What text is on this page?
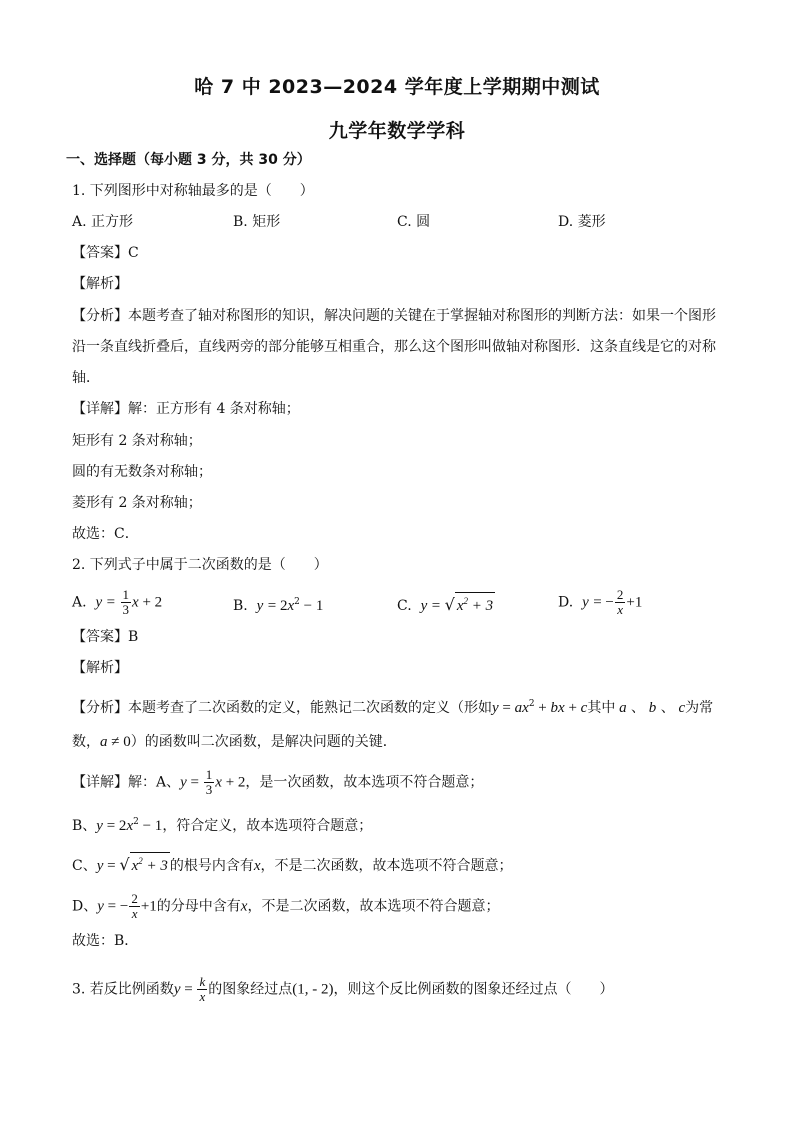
哈 7 中 2023—2024 学年度上学期期中测试
九学年数学学科
一、选择题（每小题 3 分，共 30 分）
1. 下列图形中对称轴最多的是（　　）
A. 正方形	B. 矩形	C. 圆	D. 菱形
【答案】C
【解析】
【分析】本题考查了轴对称图形的知识，解决问题的关键在于掌握轴对称图形的判断方法：如果一个图形
沿一条直线折叠后，直线两旁的部分能够互相重合，那么这个图形叫做轴对称图形．这条直线是它的对称
轴．
【详解】解：正方形有 4 条对称轴；
矩形有 2 条对称轴；
圆的有无数条对称轴；
菱形有 2 条对称轴；
故选：C．
2. 下列式子中属于二次函数的是（　　）
A. $y = \frac{1}{3}$ x + 2	B. $y = 2x^2 - 1$	C. y = √ $x^2 + 3$	D. y = − $\frac{2}{x} +1$
【答案】B
【解析】
【分析】本题考查了二次函数的定义，能熟记二次函数的定义（形如$y = ax^2$ + bx + c其中 a 、 b 、 c为常
数，a ≠ 0）的函数叫二次函数，是解决问题的关键．
【详解】解：A、$y = \frac{1}{3}$ x + 2，是一次函数，故本选项不符合题意；
B、$y = 2x^2 - 1$，符合定义，故本选项符合题意；
C、y = √ $x^2 + 3$ 的根号内含有x，不是二次函数，故本选项不符合题意；
D、y = − $\frac{2}{x} +1$的分母中含有x，不是二次函数，故本选项不符合题意；
故选：B．
3. 若反比例函数$y = \frac{k}{x}$ 的图象经过点(1, - 2)，则这个反比例函数的图象还经过点（　　）
